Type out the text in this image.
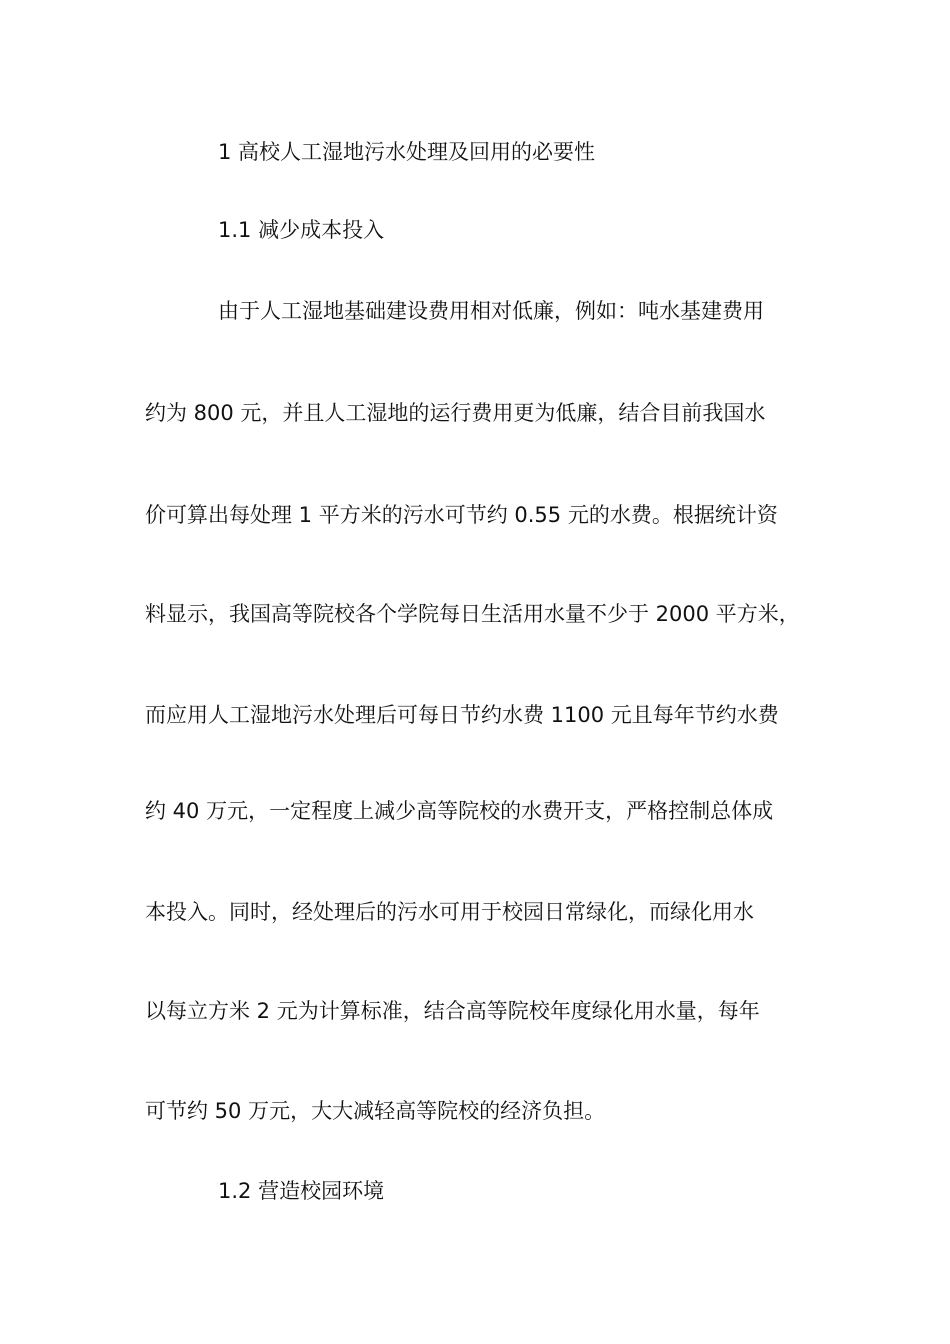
1 高校人工湿地污水处理及回用的必要性
1.1 减少成本投入
由于人工湿地基础建设费用相对低廉，例如：吨水基建费用
约为 800 元，并且人工湿地的运行费用更为低廉，结合目前我国水
价可算出每处理 1 平方米的污水可节约 0.55 元的水费。根据统计资
料显示，我国高等院校各个学院每日生活用水量不少于 2000 平方米，
而应用人工湿地污水处理后可每日节约水费 1100 元且每年节约水费
约 40 万元，一定程度上减少高等院校的水费开支，严格控制总体成
本投入。同时，经处理后的污水可用于校园日常绿化，而绿化用水
以每立方米 2 元为计算标准，结合高等院校年度绿化用水量，每年
可节约 50 万元，大大减轻高等院校的经济负担。
1.2 营造校园环境
